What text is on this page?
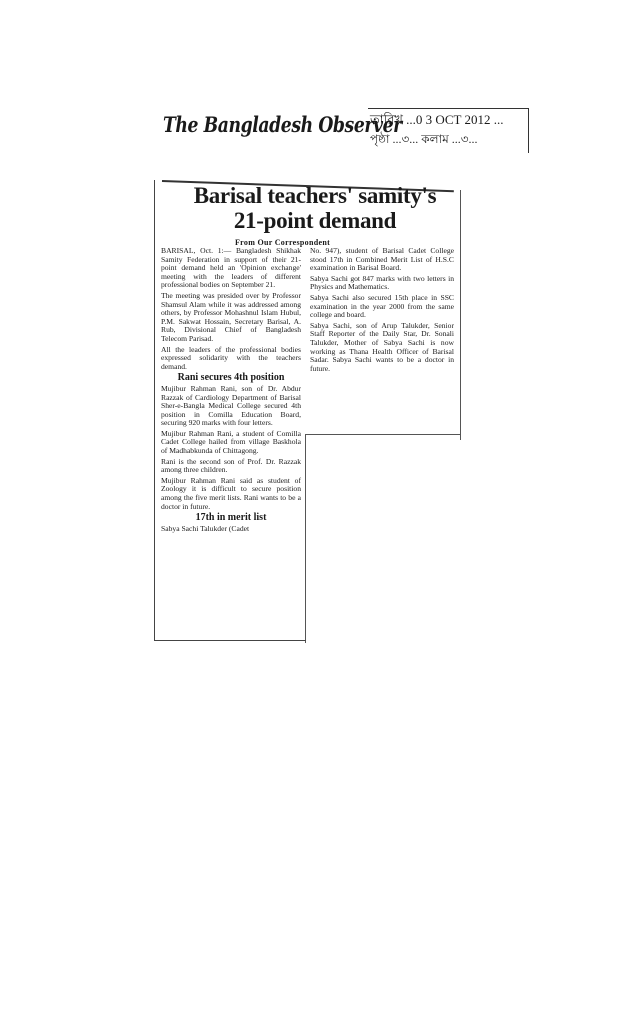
The Bangladesh Observer
তারিখ ...0 3 OCT 2012 ...
পৃষ্ঠা ...৩... কলাম ...৩...
Barisal teachers' samity's
21-point demand
From Our Correspondent

BARISAL, Oct. 1:— Bangladesh Shikhak Samity Federation in support of their 21-point demand held an 'Opinion exchange' meeting with the leaders of different professional bodies on September 21.

The meeting was presided over by Professor Shamsul Alam while it was addressed among others, by Professor Mohashnul Islam Hubul, P.M. Sakwat Hossain, Secretary Barisal, A. Rub, Divisional Chief of Bangladesh Telecom Parisad.

All the leaders of the professional bodies expressed solidarity with the teachers demand.

Rani secures 4th position

Mujibur Rahman Rani, son of Dr. Abdur Razzak of Cardiology Department of Barisal Sher-e-Bangla Medical College secured 4th position in Comilla Education Board, securing 920 marks with four letters.

Mujibur Rahman Rani, a student of Comilla Cadet College hailed from village Baskhola of Madhabkunda of Chittagong.

Rani is the second son of Prof. Dr. Razzak among three children.

Mujibur Rahman Rani said as student of Zoology it is difficult to secure position among the five merit lists. Rani wants to be a doctor in future.

17th in merit list

Sabya Sachi Talukder (Cadet

No. 947), student of Barisal Cadet College stood 17th in Combined Merit List of H.S.C examination in Barisal Board.

Sabya Sachi got 847 marks with two letters in Physics and Mathematics.

Sabya Sachi also secured 15th place in SSC examination in the year 2000 from the same college and board.

Sabya Sachi, son of Arup Talukder, Senior Staff Reporter of the Daily Star, Dr. Sonali Talukder, Mother of Sabya Sachi is now working as Thana Health Officer of Barisal Sadar. Sabya Sachi wants to be a doctor in future.
